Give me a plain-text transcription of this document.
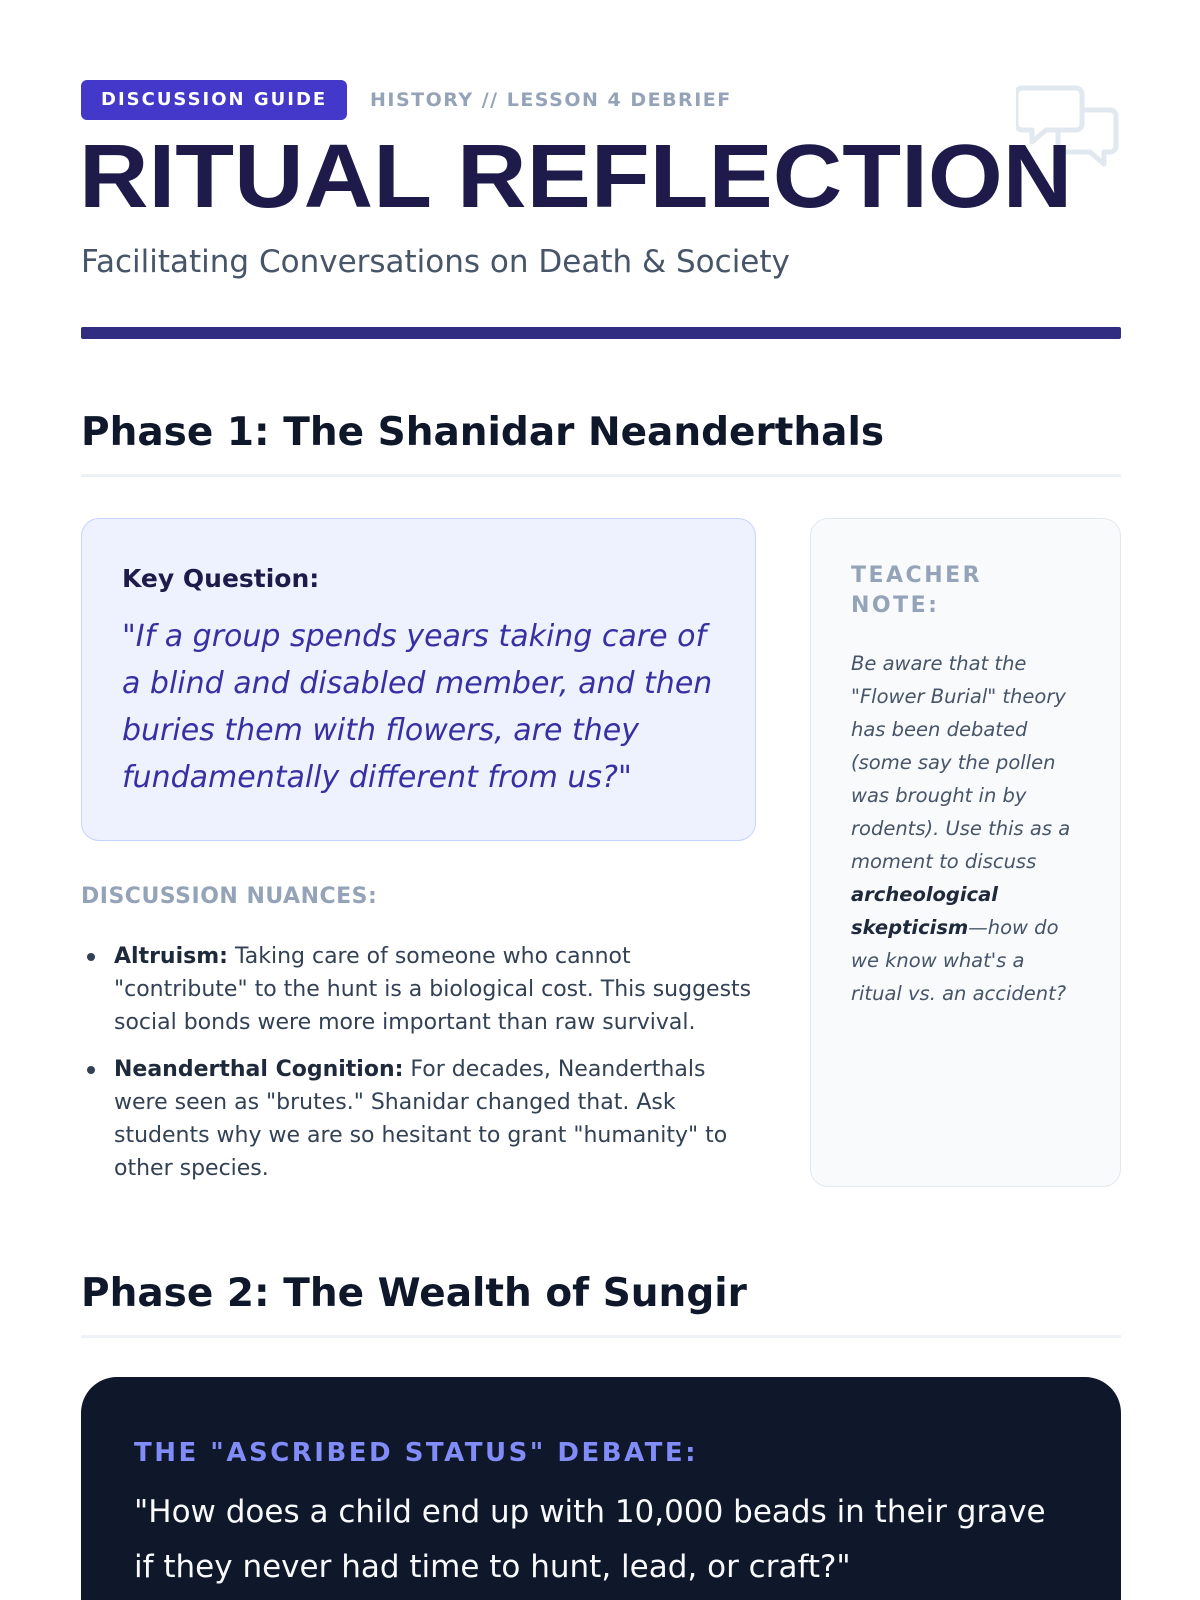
DISCUSSION GUIDE	HISTORY // LESSON 4 DEBRIEF
RITUAL REFLECTION
Facilitating Conversations on Death & Society
Phase 1: The Shanidar Neanderthals
Key Question:
"If a group spends years taking care of a blind and disabled member, and then buries them with flowers, are they fundamentally different from us?"
DISCUSSION NUANCES:
Altruism: Taking care of someone who cannot "contribute" to the hunt is a biological cost. This suggests social bonds were more important than raw survival.
Neanderthal Cognition: For decades, Neanderthals were seen as "brutes." Shanidar changed that. Ask students why we are so hesitant to grant "humanity" to other species.
TEACHER NOTE:
Be aware that the "Flower Burial" theory has been debated (some say the pollen was brought in by rodents). Use this as a moment to discuss archeological skepticism—how do we know what's a ritual vs. an accident?
Phase 2: The Wealth of Sungir
THE "ASCRIBED STATUS" DEBATE:
"How does a child end up with 10,000 beads in their grave if they never had time to hunt, lead, or craft?"
